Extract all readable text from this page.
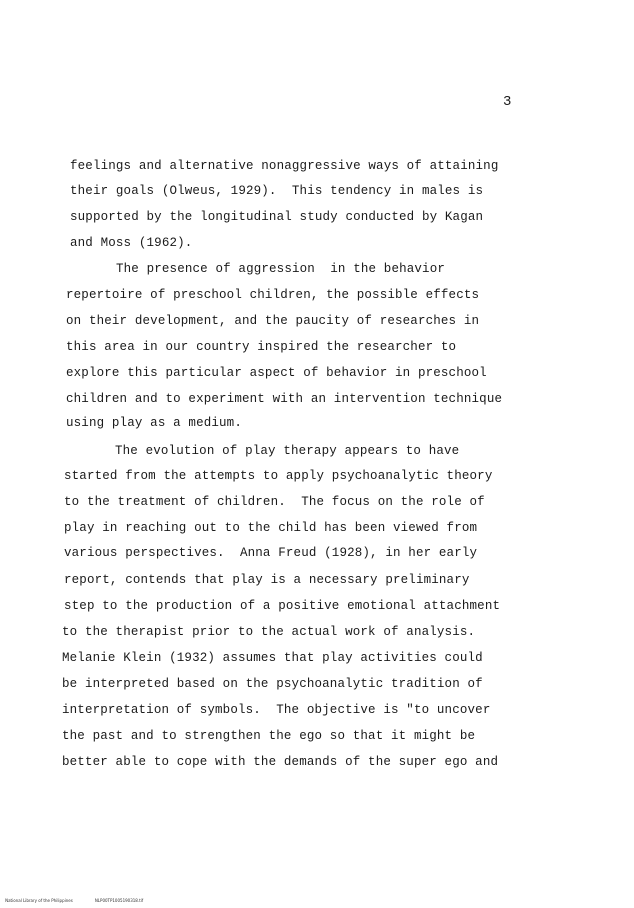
3
feelings and alternative nonaggressive ways of attaining
their goals (Olweus, 1929).  This tendency in males is
supported by the longitudinal study conducted by Kagan
and Moss (1962).
The presence of aggression  in the behavior
repertoire of preschool children, the possible effects
on their development, and the paucity of researches in
this area in our country inspired the researcher to
explore this particular aspect of behavior in preschool
children and to experiment with an intervention technique
using play as a medium.
The evolution of play therapy appears to have
started from the attempts to apply psychoanalytic theory
to the treatment of children.  The focus on the role of
play in reaching out to the child has been viewed from
various perspectives.  Anna Freud (1928), in her early
report, contends that play is a necessary preliminary
step to the production of a positive emotional attachment
to the therapist prior to the actual work of analysis.
Melanie Klein (1932) assumes that play activities could
be interpreted based on the psychoanalytic tradition of
interpretation of symbols.  The objective is "to uncover
the past and to strengthen the ego so that it might be
better able to cope with the demands of the super ego and

National Library of the Philippines	NLP00TP1005190318.tif
